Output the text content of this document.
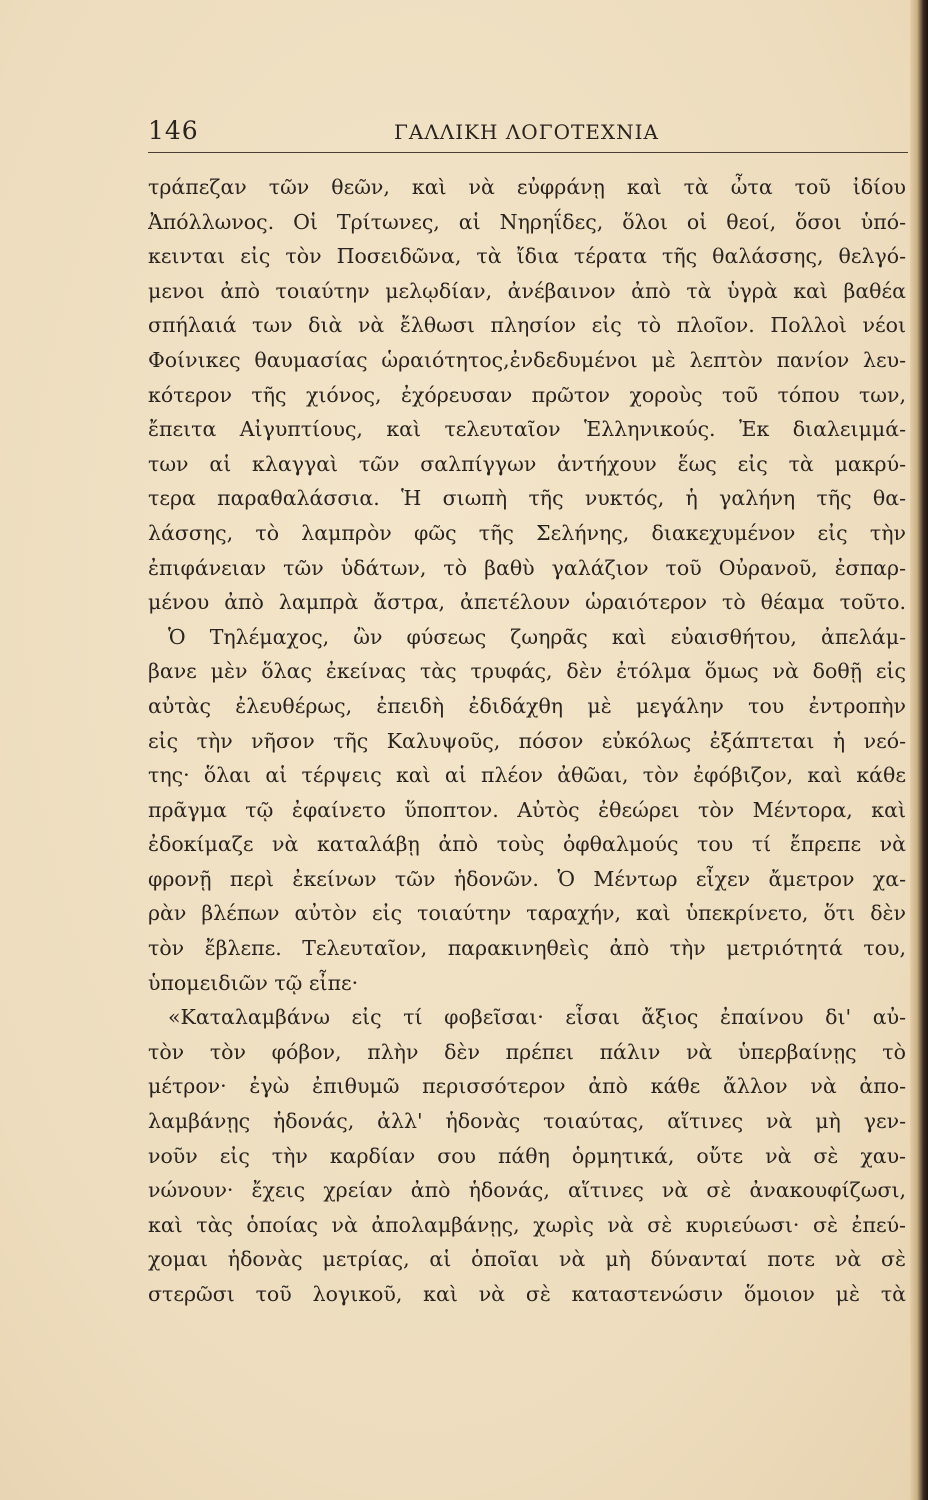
146	ΓΑΛΛΙΚΗ ΛΟΓΟΤΕΧΝΙΑ
τράπεζαν τῶν θεῶν, καὶ νὰ εὐφράνῃ καὶ τὰ ὦτα τοῦ ἰδίου
Ἀπόλλωνος. Οἱ Τρίτωνες, αἱ Νηρηΐδες, ὅλοι οἱ θεοί, ὅσοι ὑπό-
κεινται εἰς τὸν Ποσειδῶνα, τὰ ἴδια τέρατα τῆς θαλάσσης, θελγό-
μενοι ἀπὸ τοιαύτην μελῳδίαν, ἀνέβαινον ἀπὸ τὰ ὑγρὰ καὶ βαθέα
σπήλαιά των διὰ νὰ ἔλθωσι πλησίον εἰς τὸ πλοῖον. Πολλοὶ νέοι
Φοίνικες θαυμασίας ὡραιότητος,ἐνδεδυμένοι μὲ λεπτὸν πανίον λευ-
κότερον τῆς χιόνος, ἐχόρευσαν πρῶτον χοροὺς τοῦ τόπου των,
ἔπειτα Αἰγυπτίους, καὶ τελευταῖον Ἑλληνικούς. Ἐκ διαλειμμά-
των αἱ κλαγγαὶ τῶν σαλπίγγων ἀντήχουν ἕως εἰς τὰ μακρύ-
τερα παραθαλάσσια. Ἡ σιωπὴ τῆς νυκτός, ἡ γαλήνη τῆς θα-
λάσσης, τὸ λαμπρὸν φῶς τῆς Σελήνης, διακεχυμένον εἰς τὴν
ἐπιφάνειαν τῶν ὑδάτων, τὸ βαθὺ γαλάζιον τοῦ Οὐρανοῦ, ἐσπαρ-
μένου ἀπὸ λαμπρὰ ἄστρα, ἀπετέλουν ὡραιότερον τὸ θέαμα τοῦτο.
Ὁ Τηλέμαχος, ὢν φύσεως ζωηρᾶς καὶ εὐαισθήτου, ἀπελάμ-
βανε μὲν ὅλας ἐκείνας τὰς τρυφάς, δὲν ἐτόλμα ὅμως νὰ δοθῇ εἰς
αὐτὰς ἐλευθέρως, ἐπειδὴ ἐδιδάχθη μὲ μεγάλην του ἐντροπὴν
εἰς τὴν νῆσον τῆς Καλυψοῦς, πόσον εὐκόλως ἐξάπτεται ἡ νεό-
της· ὅλαι αἱ τέρψεις καὶ αἱ πλέον ἀθῶαι, τὸν ἐφόβιζον, καὶ κάθε
πρᾶγμα τῷ ἐφαίνετο ὕποπτον. Αὐτὸς ἐθεώρει τὸν Μέντορα, καὶ
ἐδοκίμαζε νὰ καταλάβῃ ἀπὸ τοὺς ὀφθαλμούς του τί ἔπρεπε νὰ
φρονῇ περὶ ἐκείνων τῶν ἡδονῶν. Ὁ Μέντωρ εἶχεν ἄμετρον χα-
ρὰν βλέπων αὐτὸν εἰς τοιαύτην ταραχήν, καὶ ὑπεκρίνετο, ὅτι δὲν
τὸν ἔβλεπε. Τελευταῖον, παρακινηθεὶς ἀπὸ τὴν μετριότητά του,
ὑπομειδιῶν τῷ εἶπε·
«Καταλαμβάνω εἰς τί φοβεῖσαι· εἶσαι ἄξιος ἐπαίνου δι' αὐ-
τὸν τὸν φόβον, πλὴν δὲν πρέπει πάλιν νὰ ὑπερβαίνῃς τὸ
μέτρον· ἐγὼ ἐπιθυμῶ περισσότερον ἀπὸ κάθε ἄλλον νὰ ἀπο-
λαμβάνῃς ἡδονάς, ἀλλ' ἡδονὰς τοιαύτας, αἵτινες νὰ μὴ γεν-
νοῦν εἰς τὴν καρδίαν σου πάθη ὁρμητικά, οὔτε νὰ σὲ χαυ-
νώνουν· ἔχεις χρείαν ἀπὸ ἡδονάς, αἵτινες νὰ σὲ ἀνακουφίζωσι,
καὶ τὰς ὁποίας νὰ ἀπολαμβάνῃς, χωρὶς νὰ σὲ κυριεύωσι· σὲ ἐπεύ-
χομαι ἡδονὰς μετρίας, αἱ ὁποῖαι νὰ μὴ δύνανταί ποτε νὰ σὲ
στερῶσι τοῦ λογικοῦ, καὶ νὰ σὲ καταστενώσιν ὅμοιον μὲ τὰ
